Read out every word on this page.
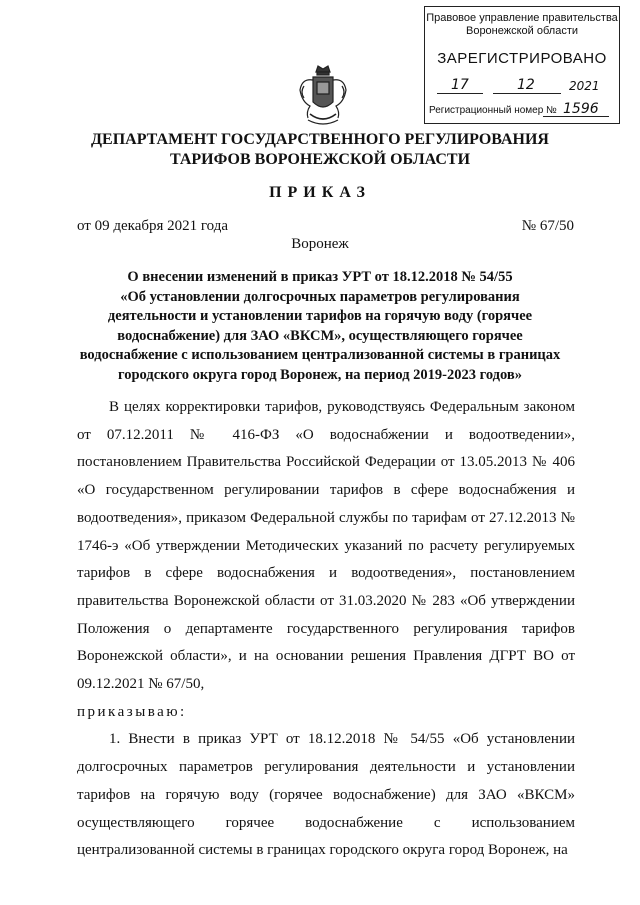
Правовое управление правительства
Воронежской области
ЗАРЕГИСТРИРОВАНО
17	12	2021
Регистрационный номер № 1596
ДЕПАРТАМЕНТ ГОСУДАРСТВЕННОГО РЕГУЛИРОВАНИЯ
ТАРИФОВ ВОРОНЕЖСКОЙ ОБЛАСТИ
ПРИКАЗ
от 09 декабря 2021 года	№ 67/50
Воронеж
О внесении изменений в приказ УРТ от 18.12.2018 № 54/55
«Об установлении долгосрочных параметров регулирования
деятельности и установлении тарифов на горячую воду (горячее
водоснабжение) для ЗАО «ВКСМ», осуществляющего горячее
водоснабжение с использованием централизованной системы в границах
городского округа город Воронеж, на период 2019-2023 годов»

В целях корректировки тарифов, руководствуясь Федеральным законом от 07.12.2011 № 416-ФЗ «О водоснабжении и водоотведении», постановлением Правительства Российской Федерации от 13.05.2013 № 406 «О государственном регулировании тарифов в сфере водоснабжения и водоотведения», приказом Федеральной службы по тарифам от 27.12.2013 № 1746-э «Об утверждении Методических указаний по расчету регулируемых тарифов в сфере водоснабжения и водоотведения», постановлением правительства Воронежской области от 31.03.2020 № 283 «Об утверждении Положения о департаменте государственного регулирования тарифов Воронежской области», и на основании решения Правления ДГРТ ВО от 09.12.2021 № 67/50,

приказываю:

1. Внести в приказ УРТ от 18.12.2018 № 54/55 «Об установлении долгосрочных параметров регулирования деятельности и установлении тарифов на горячую воду (горячее водоснабжение) для ЗАО «ВКСМ» осуществляющего горячее водоснабжение с использованием централизованной системы в границах городского округа город Воронеж, на
